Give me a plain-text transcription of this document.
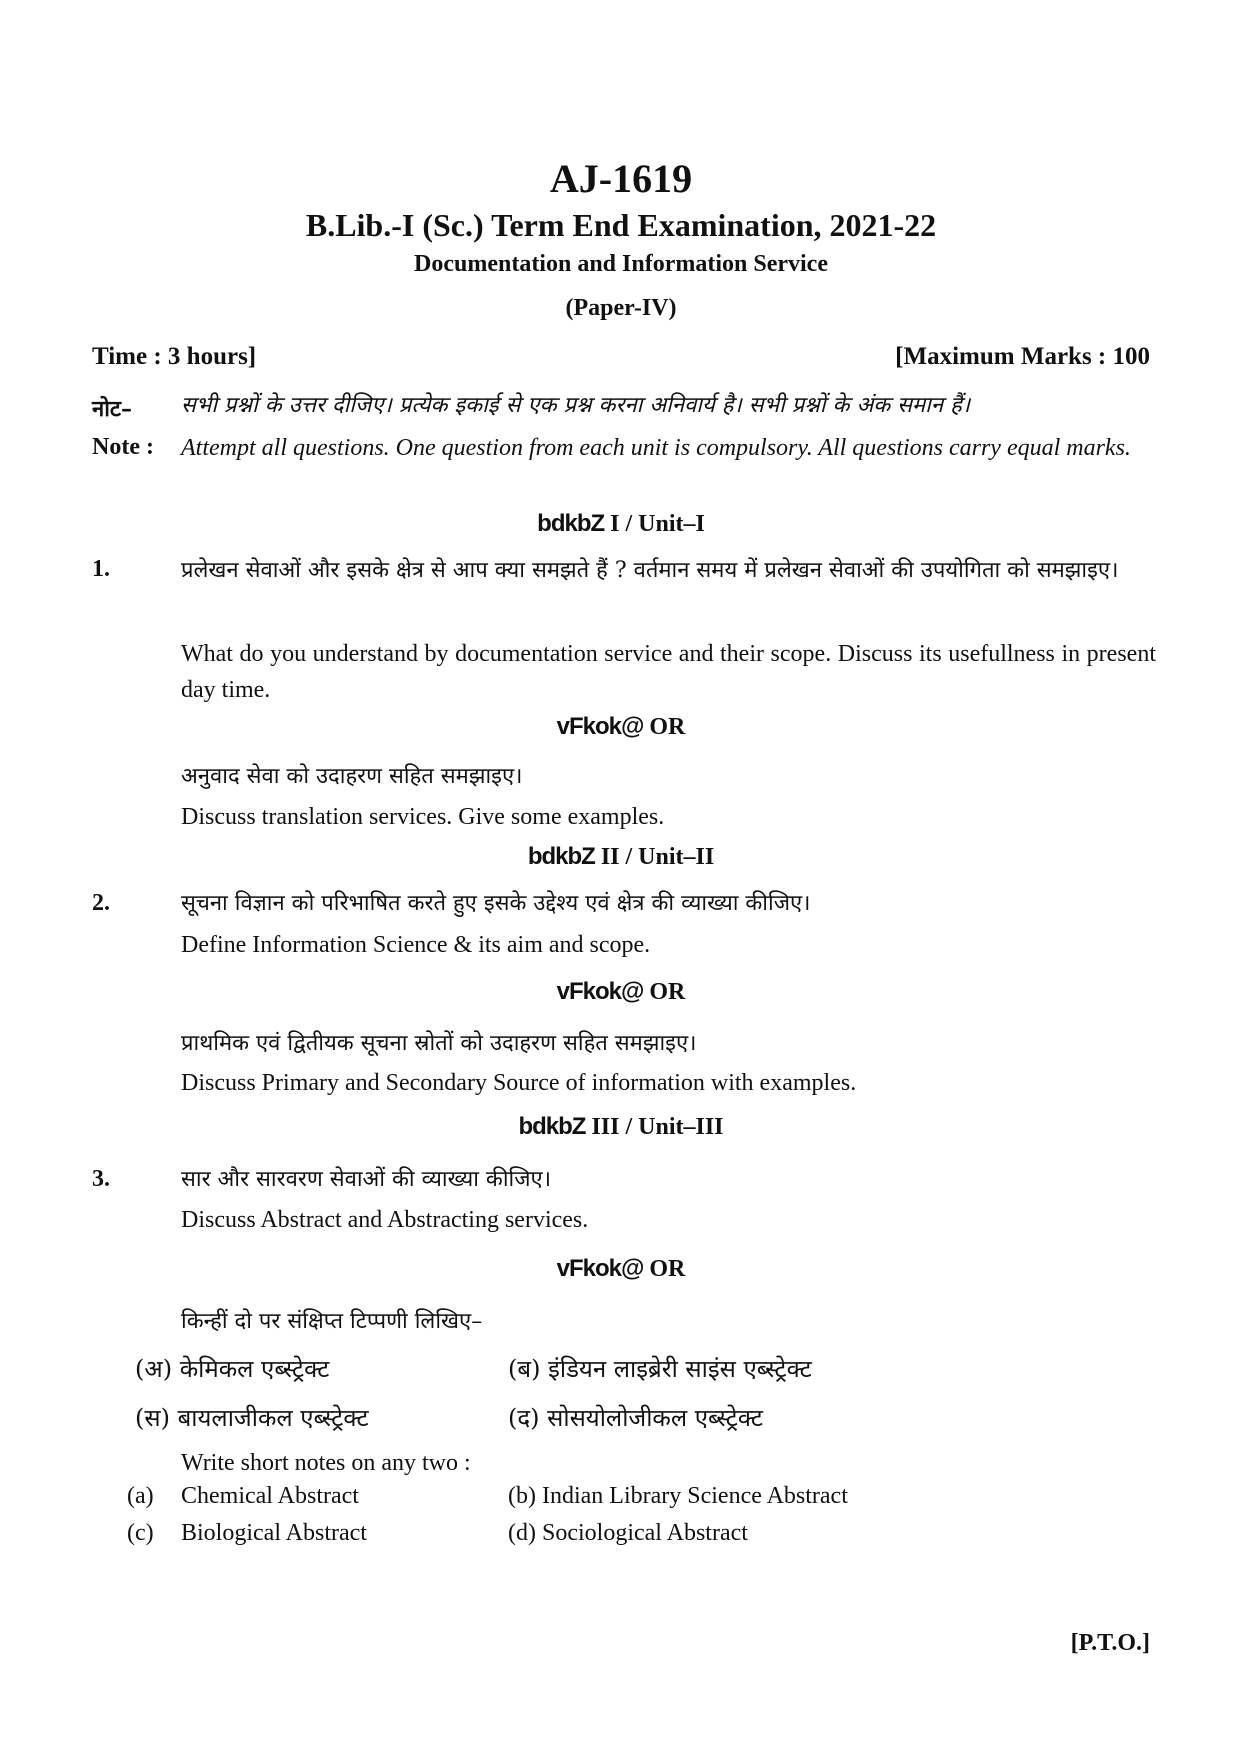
AJ-1619
B.Lib.-I (Sc.) Term End Examination, 2021-22
Documentation and Information Service
(Paper-IV)
Time : 3 hours]	[Maximum Marks : 100
नोट– सभी प्रश्नों के उत्तर दीजिए। प्रत्येक इकाई से एक प्रश्न करना अनिवार्य है। सभी प्रश्नों के अंक समान हैं।
Note : Attempt all questions. One question from each unit is compulsory. All questions carry equal marks.
bdkbZ I / Unit–I
1.	प्रलेखन सेवाओं और इसके क्षेत्र से आप क्या समझते हैं ? वर्तमान समय में प्रलेखन सेवाओं की उपयोगिता को समझाइए।
What do you understand by documentation service and their scope. Discuss its usefullness in present day time.
vFkok@ OR
अनुवाद सेवा को उदाहरण सहित समझाइए।
Discuss translation services. Give some examples.
bdkbZ II / Unit–II
2.	सूचना विज्ञान को परिभाषित करते हुए इसके उद्देश्य एवं क्षेत्र की व्याख्या कीजिए।
Define Information Science & its aim and scope.
vFkok@ OR
प्राथमिक एवं द्वितीयक सूचना स्रोतों को उदाहरण सहित समझाइए।
Discuss Primary and Secondary Source of information with examples.
bdkbZ III / Unit–III
3.	सार और सारवरण सेवाओं की व्याख्या कीजिए।
Discuss Abstract and Abstracting services.
vFkok@ OR
किन्हीं दो पर संक्षिप्त टिप्पणी लिखिए–
(अ) केमिकल एब्स्ट्रेक्ट	(ब) इंडियन लाइब्रेरी साइंस एब्स्ट्रेक्ट
(स) बायलाजीकल एब्स्ट्रेक्ट	(द) सोसयोलोजीकल एब्स्ट्रेक्ट
Write short notes on any two :
(a) Chemical Abstract	(b) Indian Library Science Abstract
(c) Biological Abstract	(d) Sociological Abstract
[P.T.O.]
